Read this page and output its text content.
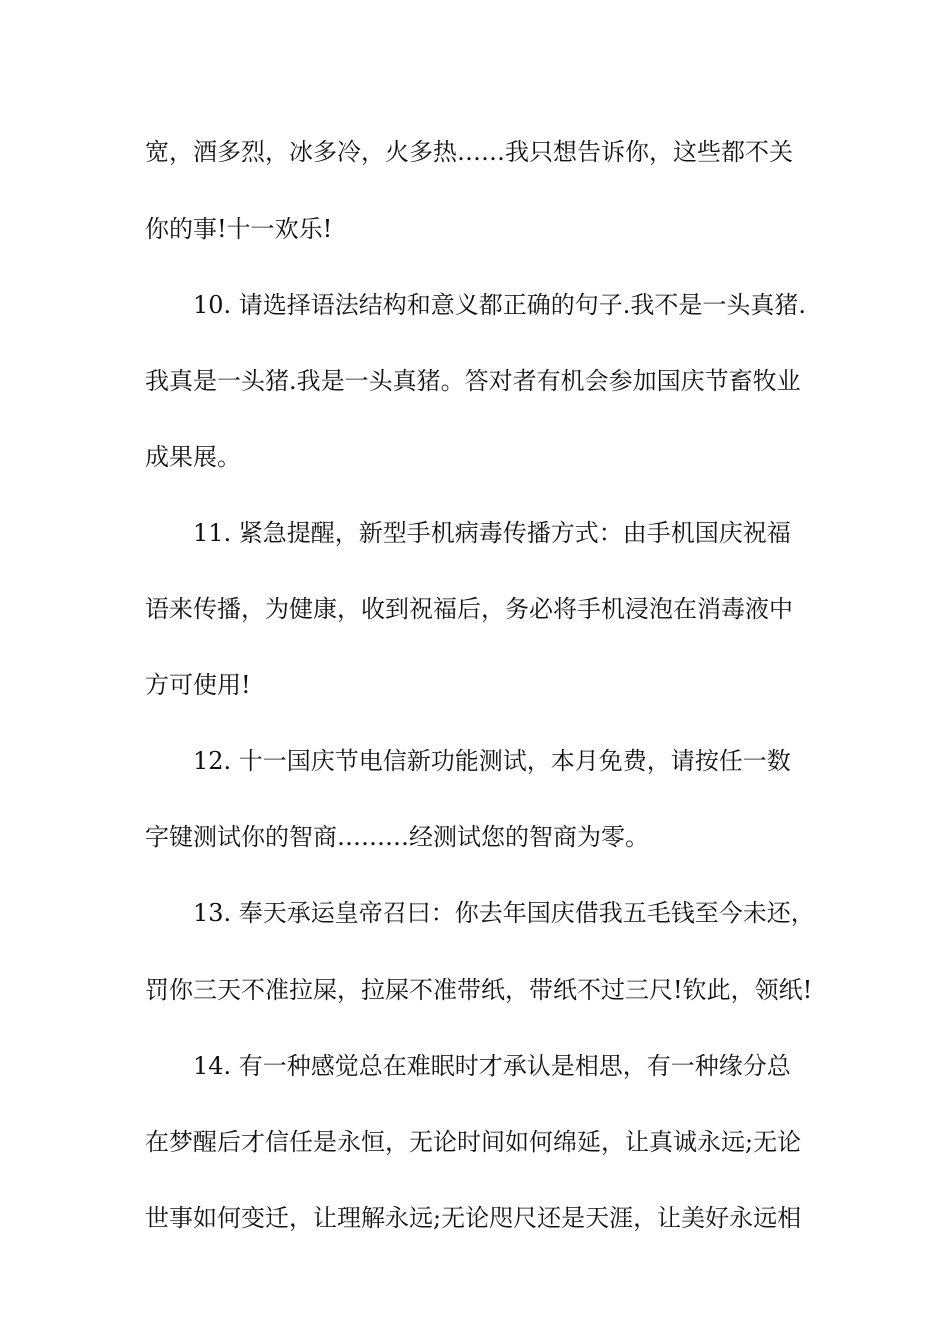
宽，酒多烈，冰多冷，火多热……我只想告诉你，这些都不关
你的事!十一欢乐!
10. 请选择语法结构和意义都正确的句子.我不是一头真猪.
我真是一头猪.我是一头真猪。答对者有机会参加国庆节畜牧业
成果展。
11. 紧急提醒，新型手机病毒传播方式：由手机国庆祝福
语来传播，为健康，收到祝福后，务必将手机浸泡在消毒液中
方可使用!
12. 十一国庆节电信新功能测试，本月免费，请按任一数
字键测试你的智商………经测试您的智商为零。
13. 奉天承运皇帝召曰：你去年国庆借我五毛钱至今未还，
罚你三天不准拉屎，拉屎不准带纸，带纸不过三尺!钦此，领纸!
14. 有一种感觉总在难眠时才承认是相思，有一种缘分总
在梦醒后才信任是永恒，无论时间如何绵延，让真诚永远;无论
世事如何变迁，让理解永远;无论咫尺还是天涯，让美好永远相
